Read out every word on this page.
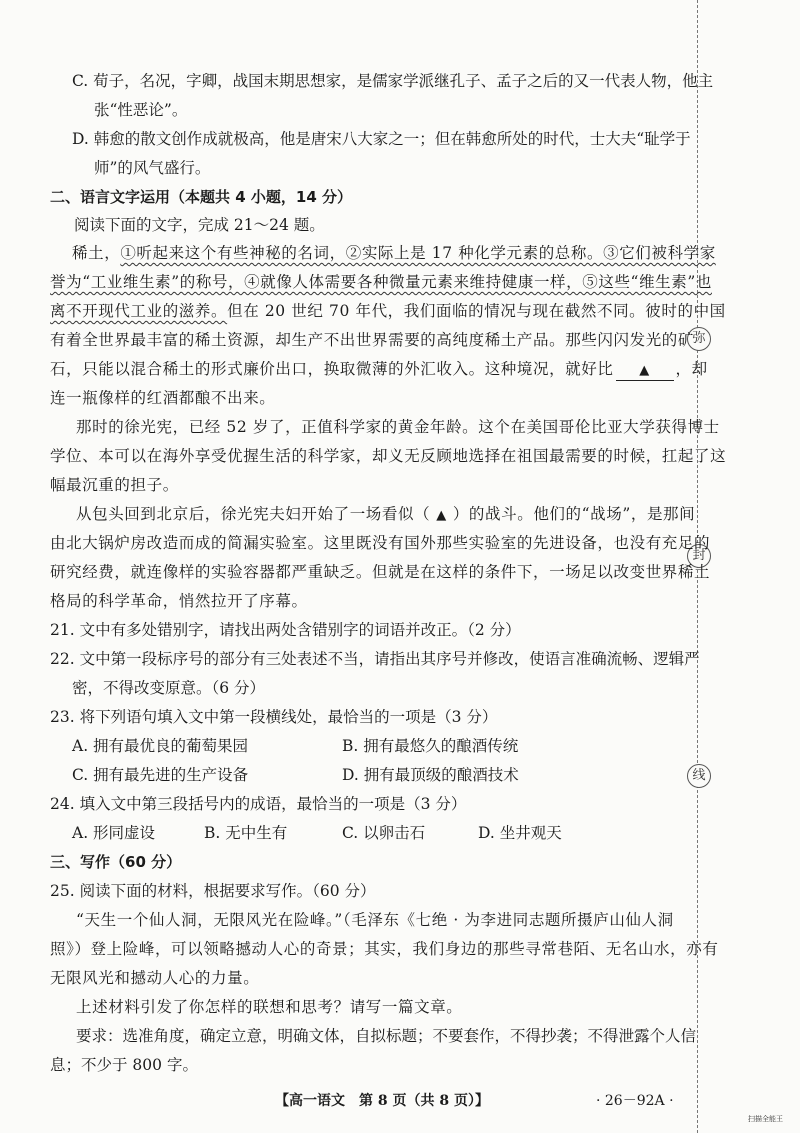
弥
封
线
C. 荀子，名况，字卿，战国末期思想家，是儒家学派继孔子、孟子之后的又一代表人物，他主
张“性恶论”。
D. 韩愈的散文创作成就极高，他是唐宋八大家之一；但在韩愈所处的时代，士大夫“耻学于
师”的风气盛行。
二、语言文字运用（本题共 4 小题，14 分）
阅读下面的文字，完成 21～24 题。
稀土，①听起来这个有些神秘的名词，②实际上是 17 种化学元素的总称。③它们被科学家
誉为“工业维生素”的称号，④就像人体需要各种微量元素来维持健康一样，⑤这些“维生素”也
离不开现代工业的滋养。但在 20 世纪 70 年代，我们面临的情况与现在截然不同。彼时的中国
有着全世界最丰富的稀土资源，却生产不出世界需要的高纯度稀土产品。那些闪闪发光的矿
石，只能以混合稀土的形式廉价出口，换取微薄的外汇收入。这种境况，就好比 ▲ ，却
连一瓶像样的红酒都酿不出来。
那时的徐光宪，已经 52 岁了，正值科学家的黄金年龄。这个在美国哥伦比亚大学获得博士
学位、本可以在海外享受优握生活的科学家，却义无反顾地选择在祖国最需要的时候，扛起了这
幅最沉重的担子。
从包头回到北京后，徐光宪夫妇开始了一场看似（ ▲ ）的战斗。他们的“战场”，是那间
由北大锅炉房改造而成的简漏实验室。这里既没有国外那些实验室的先进设备，也没有充足的
研究经费，就连像样的实验容器都严重缺乏。但就是在这样的条件下，一场足以改变世界稀土
格局的科学革命，悄然拉开了序幕。
21. 文中有多处错别字，请找出两处含错别字的词语并改正。（2 分）
22. 文中第一段标序号的部分有三处表述不当，请指出其序号并修改，使语言准确流畅、逻辑严
密，不得改变原意。（6 分）
23. 将下列语句填入文中第一段横线处，最恰当的一项是（3 分）
A. 拥有最优良的葡萄果园	B. 拥有最悠久的酿酒传统
C. 拥有最先进的生产设备	D. 拥有最顶级的酿酒技术
24. 填入文中第三段括号内的成语，最恰当的一项是（3 分）
A. 形同虚设	B. 无中生有	C. 以卵击石	D. 坐井观天
三、写作（60 分）
25. 阅读下面的材料，根据要求写作。（60 分）
“天生一个仙人洞，无限风光在险峰。”（毛泽东《七绝 · 为李进同志题所摄庐山仙人洞
照》）登上险峰，可以领略撼动人心的奇景；其实，我们身边的那些寻常巷陌、无名山水，亦有
无限风光和撼动人心的力量。
上述材料引发了你怎样的联想和思考？请写一篇文章。
要求：选准角度，确定立意，明确文体，自拟标题；不要套作，不得抄袭；不得泄露个人信
息；不少于 800 字。
【高一语文　第 8 页（共 8 页）】	· 26－92A ·
扫描全能王
